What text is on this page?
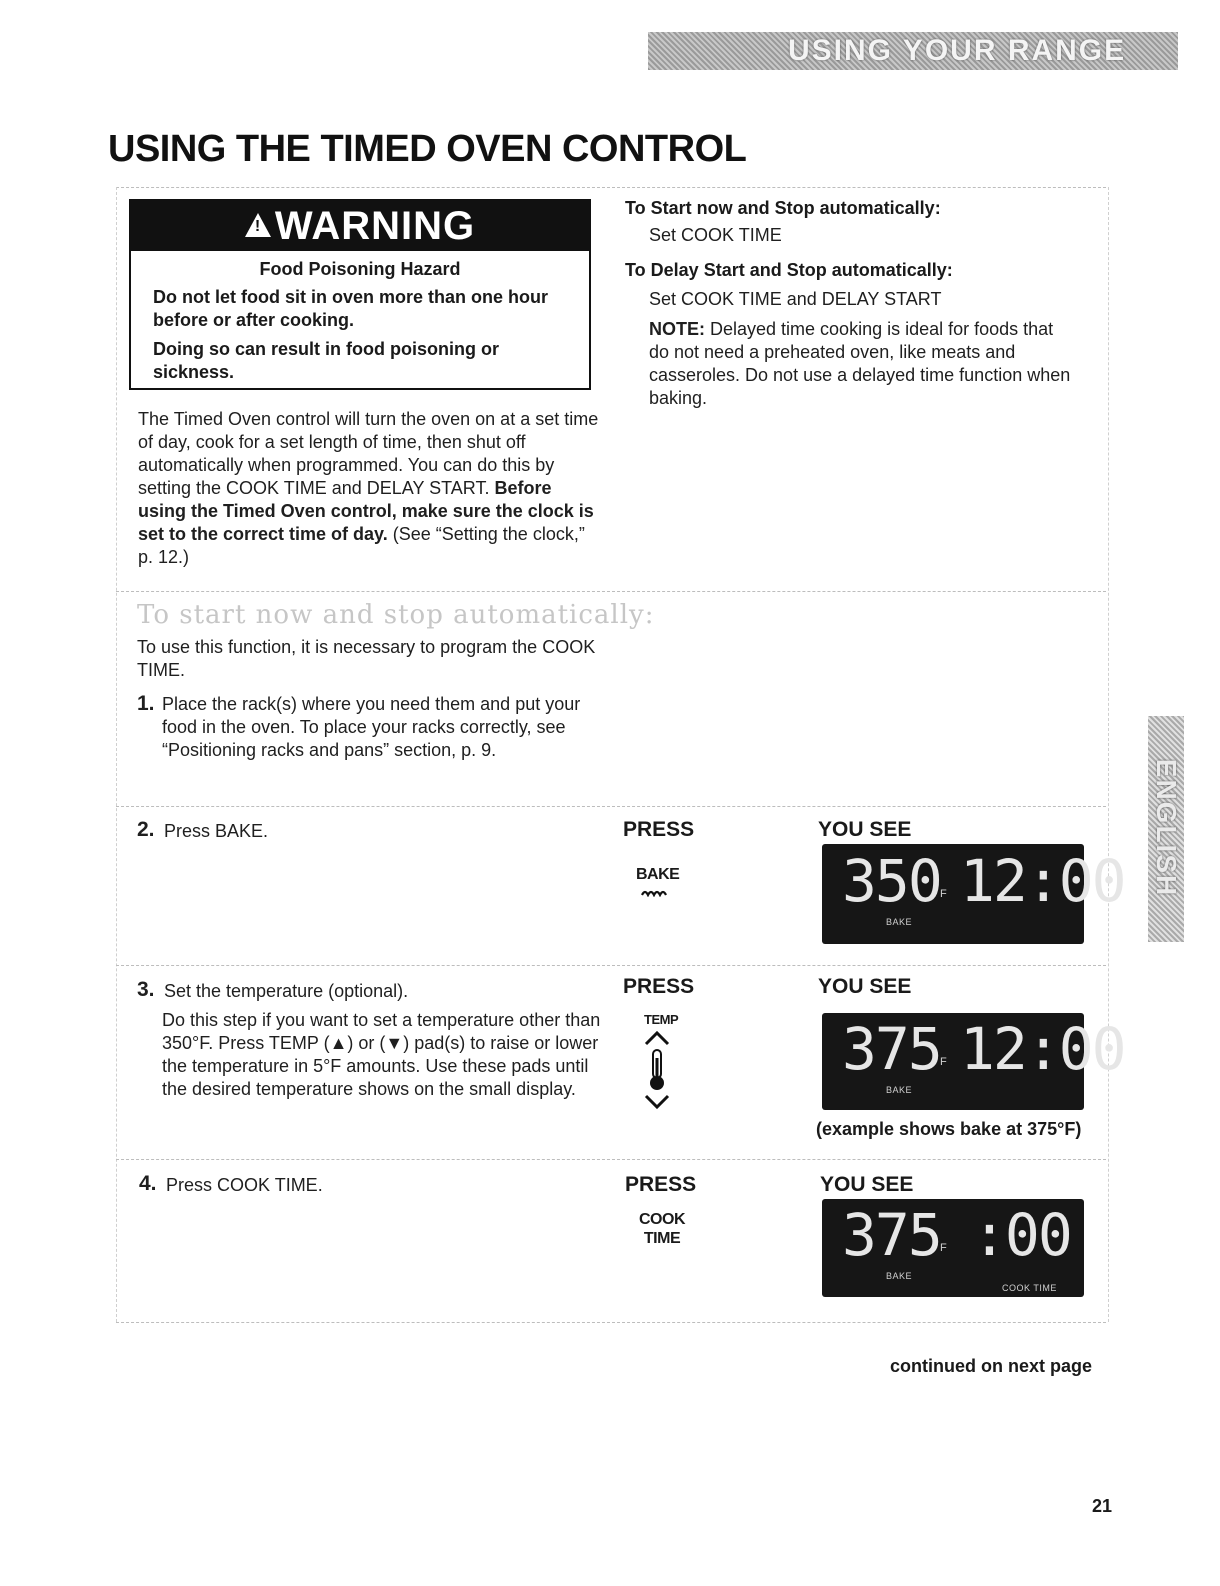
USING YOUR RANGE
USING THE TIMED OVEN CONTROL
!WARNING
Food Poisoning Hazard
Do not let food sit in oven more than one hour before or after cooking.
Doing so can result in food poisoning or sickness.
The Timed Oven control will turn the oven on at a set time of day, cook for a set length of time, then shut off automatically when programmed. You can do this by setting the COOK TIME and DELAY START. Before using the Timed Oven control, make sure the clock is set to the correct time of day. (See “Setting the clock,” p. 12.)
To Start now and Stop automatically:
Set COOK TIME
To Delay Start and Stop automatically:
Set COOK TIME and DELAY START
NOTE: Delayed time cooking is ideal for foods that do not need a preheated oven, like meats and casseroles. Do not use a delayed time function when baking.
To start now and stop automatically:
To use this function, it is necessary to program the COOK TIME.
1. Place the rack(s) where you need them and put your food in the oven. To place your racks correctly, see “Positioning racks and pans” section, p. 9.
2. Press BAKE.	PRESS
BAKE
YOU SEE
350 F 12:00
BAKE
3. Set the temperature (optional).
Do this step if you want to set a temperature other than 350°F. Press TEMP (▲) or (▼) pad(s) to raise or lower the temperature in 5°F amounts. Use these pads until the desired temperature shows on the small display.
PRESS
TEMP
YOU SEE
375 F 12:00
BAKE
(example shows bake at 375°F)
4. Press COOK TIME.	PRESS
COOK
TIME
YOU SEE
375 F :00
BAKE
COOK TIME
ENGLISH
continued on next page
21
